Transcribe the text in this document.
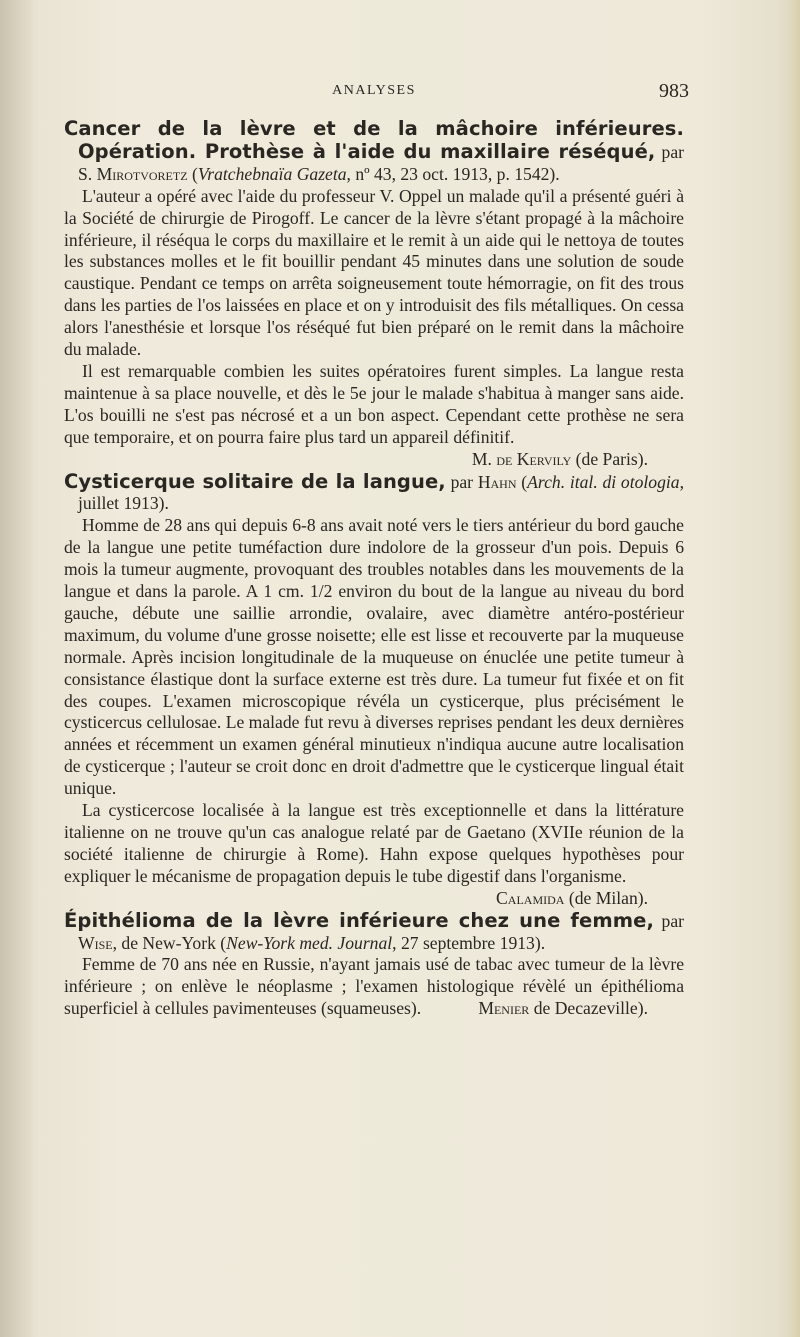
ANALYSES	983

Cancer de la lèvre et de la mâchoire inférieures. Opération. Prothèse à l'aide du maxillaire réséqué, par S. Mirotvoretz (Vratchebnaïa Gazeta, nº 43, 23 oct. 1913, p. 1542).

L'auteur a opéré avec l'aide du professeur V. Oppel un malade qu'il a présenté guéri à la Société de chirurgie de Pirogoff. Le cancer de la lèvre s'étant propagé à la mâchoire inférieure, il réséqua le corps du maxillaire et le remit à un aide qui le nettoya de toutes les substances molles et le fit bouillir pendant 45 minutes dans une solution de soude caustique. Pendant ce temps on arrêta soigneusement toute hémorragie, on fit des trous dans les parties de l'os laissées en place et on y introduisit des fils métalliques. On cessa alors l'anesthésie et lorsque l'os réséqué fut bien préparé on le remit dans la mâchoire du malade.

Il est remarquable combien les suites opératoires furent simples. La langue resta maintenue à sa place nouvelle, et dès le 5e jour le malade s'habitua à manger sans aide. L'os bouilli ne s'est pas nécrosé et a un bon aspect. Cependant cette prothèse ne sera que temporaire, et on pourra faire plus tard un appareil définitif.

M. de Kervily (de Paris).

Cysticerque solitaire de la langue, par Hahn (Arch. ital. di otologia, juillet 1913).

Homme de 28 ans qui depuis 6-8 ans avait noté vers le tiers antérieur du bord gauche de la langue une petite tuméfaction dure indolore de la grosseur d'un pois. Depuis 6 mois la tumeur augmente, provoquant des troubles notables dans les mouvements de la langue et dans la parole. A 1 cm. 1/2 environ du bout de la langue au niveau du bord gauche, débute une saillie arrondie, ovalaire, avec diamètre antéro-postérieur maximum, du volume d'une grosse noisette; elle est lisse et recouverte par la muqueuse normale. Après incision longitudinale de la muqueuse on énuclée une petite tumeur à consistance élastique dont la surface externe est très dure. La tumeur fut fixée et on fit des coupes. L'examen microscopique révéla un cysticerque, plus précisément le cysticercus cellulosae. Le malade fut revu à diverses reprises pendant les deux dernières années et récemment un examen général minutieux n'indiqua aucune autre localisation de cysticerque ; l'auteur se croit donc en droit d'admettre que le cysticerque lingual était unique.

La cysticercose localisée à la langue est très exceptionnelle et dans la littérature italienne on ne trouve qu'un cas analogue relaté par de Gaetano (XVIIe réunion de la société italienne de chirurgie à Rome). Hahn expose quelques hypothèses pour expliquer le mécanisme de propagation depuis le tube digestif dans l'organisme.

Calamida (de Milan).

Épithélioma de la lèvre inférieure chez une femme, par Wise, de New-York (New-York med. Journal, 27 septembre 1913).

Femme de 70 ans née en Russie, n'ayant jamais usé de tabac avec tumeur de la lèvre inférieure ; on enlève le néoplasme ; l'examen histologique révèlé un épithélioma superficiel à cellules pavimenteuses (squameuses).	Menier de Decazeville).
